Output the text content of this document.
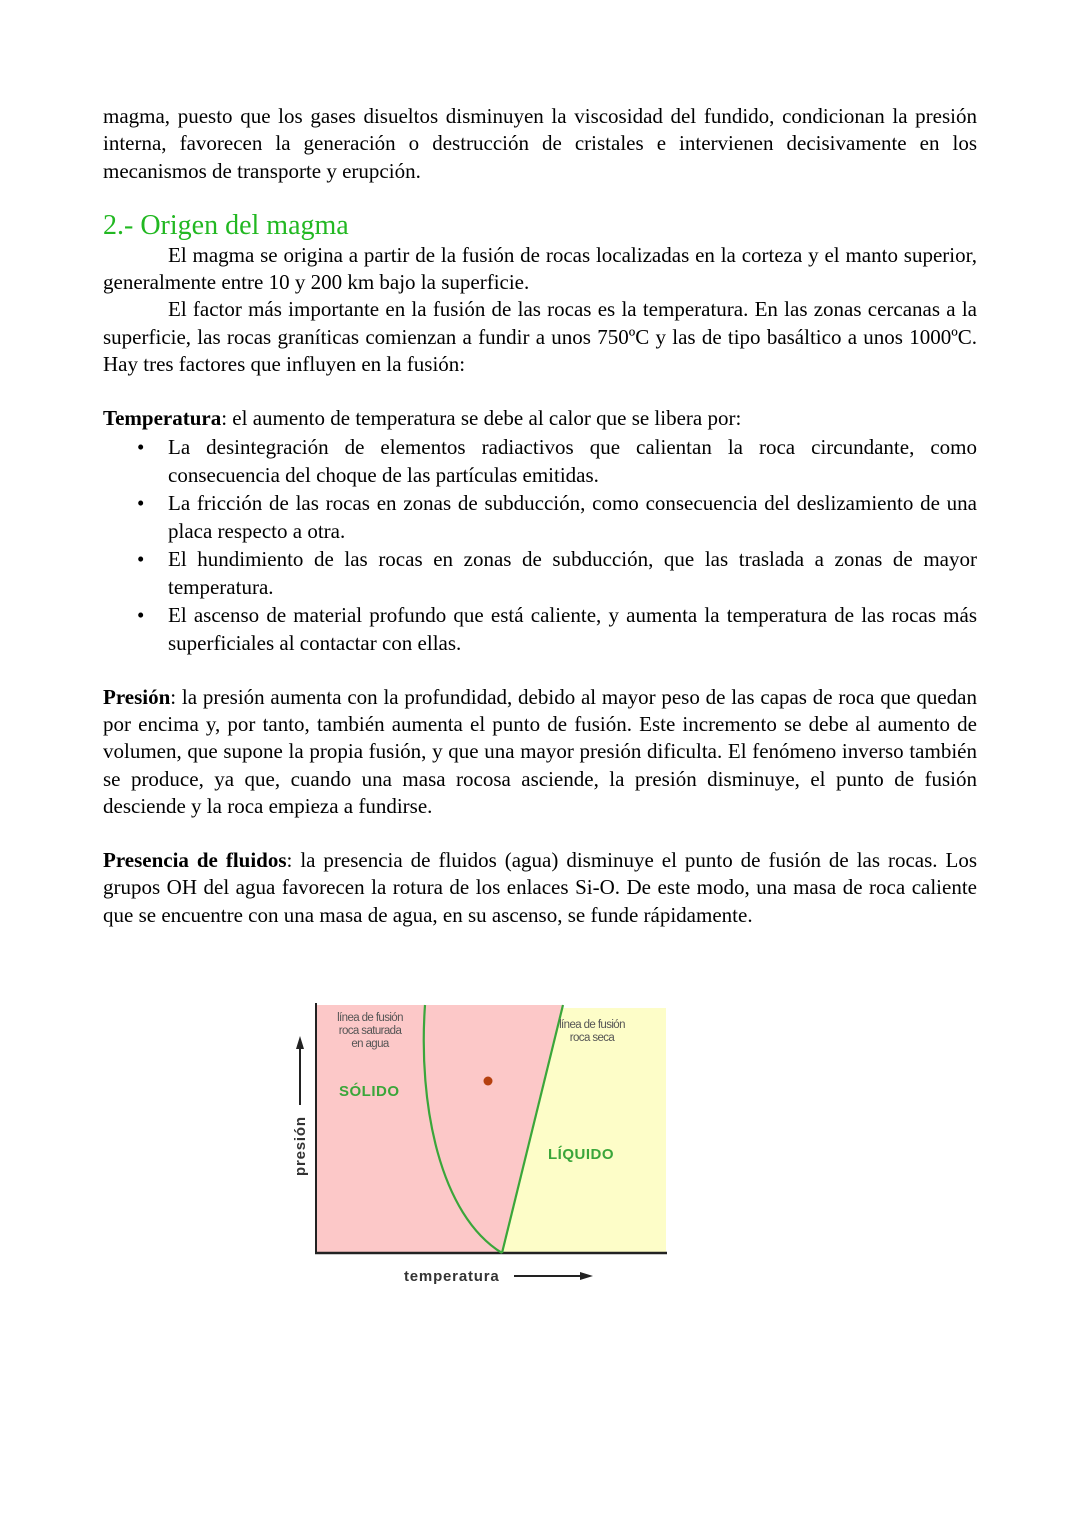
magma, puesto que los gases disueltos disminuyen la viscosidad del fundido, condicionan la presión interna, favorecen la generación o destrucción de cristales e intervienen decisivamente en los mecanismos de transporte y erupción.

2.- Origen del magma

El magma se origina a partir de la fusión de rocas localizadas en la corteza y el manto superior, generalmente entre 10 y 200 km bajo la superficie.

El factor más importante en la fusión de las rocas es la temperatura. En las zonas cercanas a la superficie, las rocas graníticas comienzan a fundir a unos 750ºC y las de tipo basáltico a unos 1000ºC. Hay tres factores que influyen en la fusión:

Temperatura: el aumento de temperatura se debe al calor que se libera por:

• La desintegración de elementos radiactivos que calientan la roca circundante, como consecuencia del choque de las partículas emitidas.
• La fricción de las rocas en zonas de subducción, como consecuencia del deslizamiento de una placa respecto a otra.
• El hundimiento de las rocas en zonas de subducción, que las traslada a zonas de mayor temperatura.
• El ascenso de material profundo que está caliente, y aumenta la temperatura de las rocas más superficiales al contactar con ellas.

Presión: la presión aumenta con la profundidad, debido al mayor peso de las capas de roca que quedan por encima y, por tanto, también aumenta el punto de fusión. Este incremento se debe al aumento de volumen, que supone la propia fusión, y que una mayor presión dificulta. El fenómeno inverso también se produce, ya que, cuando una masa rocosa asciende, la presión disminuye, el punto de fusión desciende y la roca empieza a fundirse.

Presencia de fluidos: la presencia de fluidos (agua) disminuye el punto de fusión de las rocas. Los grupos OH del agua favorecen la rotura de los enlaces Si-O. De este modo, una masa de roca caliente que se encuentre con una masa de agua, en su ascenso, se funde rápidamente.

línea de fusión
roca saturada
en agua
línea de fusión
roca seca
SÓLIDO
LÍQUIDO
temperatura
presión
